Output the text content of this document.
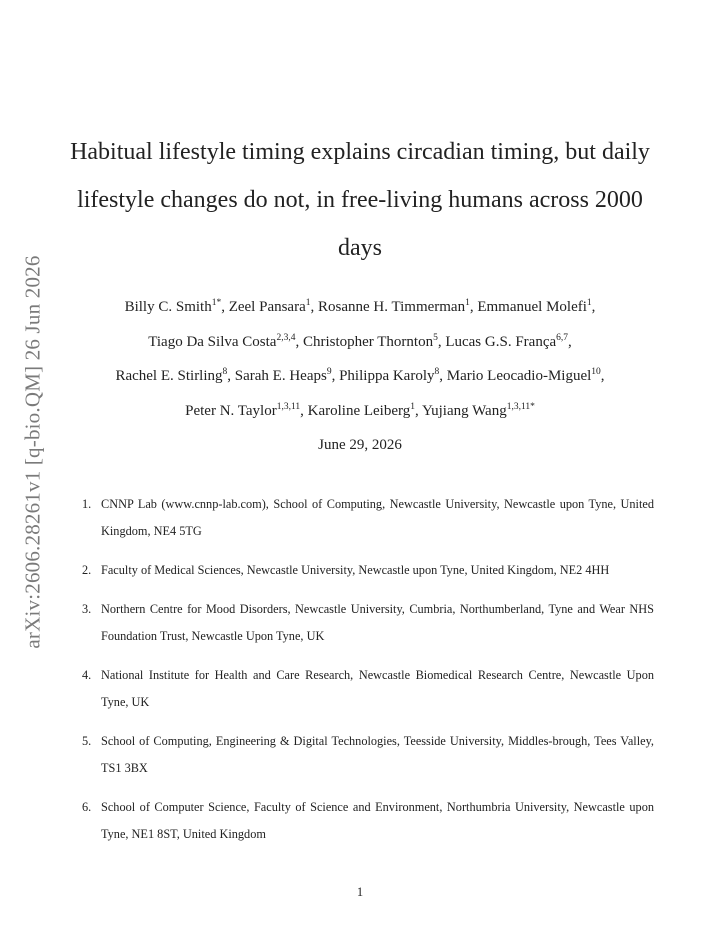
arXiv:2606.28261v1 [q-bio.QM] 26 Jun 2026
Habitual lifestyle timing explains circadian timing, but daily lifestyle changes do not, in free-living humans across 2000 days
Billy C. Smith$^{1*}$, Zeel Pansara$^1$, Rosanne H. Timmerman$^1$, Emmanuel Molefi$^1$,
Tiago Da Silva Costa$^{2,3,4}$, Christopher Thornton$^5$, Lucas G.S. França$^{6,7}$,
Rachel E. Stirling$^8$, Sarah E. Heaps$^9$, Philippa Karoly$^8$, Mario Leocadio-Miguel$^{10}$,
Peter N. Taylor$^{1,3,11}$, Karoline Leiberg$^1$, Yujiang Wang$^{1,3,11*}$
June 29, 2026
1. CNNP Lab (www.cnnp-lab.com), School of Computing, Newcastle University, Newcastle upon Tyne, United Kingdom, NE4 5TG
2. Faculty of Medical Sciences, Newcastle University, Newcastle upon Tyne, United Kingdom, NE2 4HH
3. Northern Centre for Mood Disorders, Newcastle University, Cumbria, Northumberland, Tyne and Wear NHS Foundation Trust, Newcastle Upon Tyne, UK
4. National Institute for Health and Care Research, Newcastle Biomedical Research Centre, Newcastle Upon Tyne, UK
5. School of Computing, Engineering & Digital Technologies, Teesside University, Middles-brough, Tees Valley, TS1 3BX
6. School of Computer Science, Faculty of Science and Environment, Northumbria University, Newcastle upon Tyne, NE1 8ST, United Kingdom
1
